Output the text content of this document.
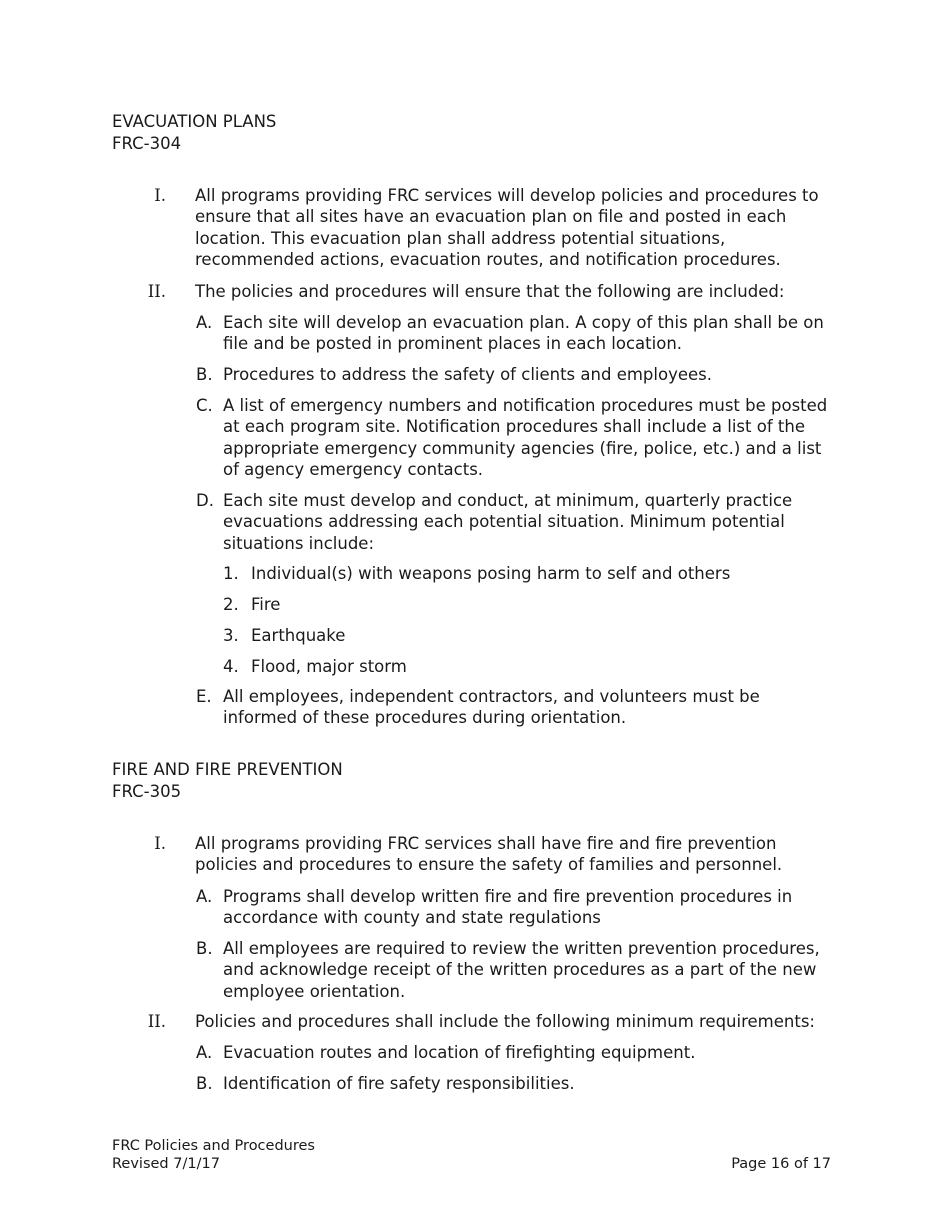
EVACUATION PLANS
FRC-304
I. All programs providing FRC services will develop policies and procedures to ensure that all sites have an evacuation plan on file and posted in each location. This evacuation plan shall address potential situations, recommended actions, evacuation routes, and notification procedures.
II. The policies and procedures will ensure that the following are included:
A. Each site will develop an evacuation plan. A copy of this plan shall be on file and be posted in prominent places in each location.
B. Procedures to address the safety of clients and employees.
C. A list of emergency numbers and notification procedures must be posted at each program site. Notification procedures shall include a list of the appropriate emergency community agencies (fire, police, etc.) and a list of agency emergency contacts.
D. Each site must develop and conduct, at minimum, quarterly practice evacuations addressing each potential situation. Minimum potential situations include:
1. Individual(s) with weapons posing harm to self and others
2. Fire
3. Earthquake
4. Flood, major storm
E. All employees, independent contractors, and volunteers must be informed of these procedures during orientation.
FIRE AND FIRE PREVENTION
FRC-305
I. All programs providing FRC services shall have fire and fire prevention policies and procedures to ensure the safety of families and personnel.
A. Programs shall develop written fire and fire prevention procedures in accordance with county and state regulations
B. All employees are required to review the written prevention procedures, and acknowledge receipt of the written procedures as a part of the new employee orientation.
II. Policies and procedures shall include the following minimum requirements:
A. Evacuation routes and location of firefighting equipment.
B. Identification of fire safety responsibilities.
FRC Policies and Procedures
Revised 7/1/17	Page 16 of 17
